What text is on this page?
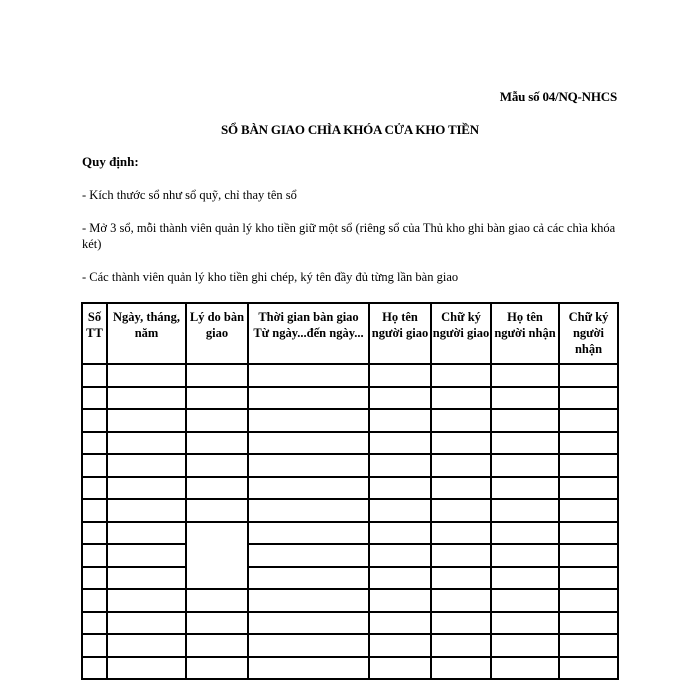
Mẫu số 04/NQ-NHCS
SỔ BÀN GIAO CHÌA KHÓA CỬA KHO TIỀN
Quy định:
- Kích thước sổ như sổ quỹ, chỉ thay tên sổ
- Mở 3 sổ, mỗi thành viên quản lý kho tiền giữ một sổ (riêng sổ của Thủ kho ghi bàn giao cả các chìa khóa két)
- Các thành viên quản lý kho tiền ghi chép, ký tên đầy đủ từng lần bàn giao
Số TT	Ngày, tháng, năm	Lý do bàn giao	Thời gian bàn giao Từ ngày...đến ngày...	Họ tên người giao	Chữ ký người giao	Họ tên người nhận	Chữ ký người nhận
